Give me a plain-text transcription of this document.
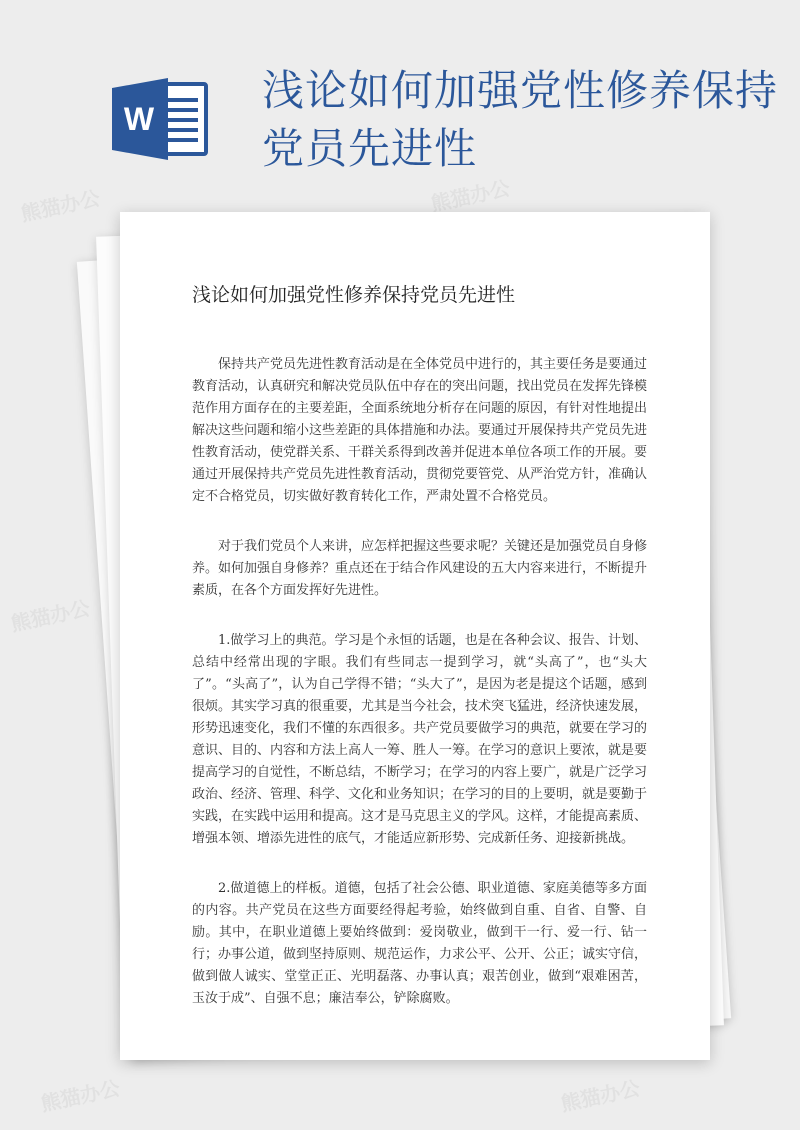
W
浅论如何加强党性修养保持党员先进性
熊猫办公	熊猫办公
熊猫办公
熊猫办公	熊猫办公
浅论如何加强党性修养保持党员先进性

保持共产党员先进性教育活动是在全体党员中进行的，其主要任务是要通过教育活动，认真研究和解决党员队伍中存在的突出问题，找出党员在发挥先锋模范作用方面存在的主要差距，全面系统地分析存在问题的原因，有针对性地提出解决这些问题和缩小这些差距的具体措施和办法。要通过开展保持共产党员先进性教育活动，使党群关系、干群关系得到改善并促进本单位各项工作的开展。要通过开展保持共产党员先进性教育活动，贯彻党要管党、从严治党方针，准确认定不合格党员，切实做好教育转化工作，严肃处置不合格党员。

对于我们党员个人来讲，应怎样把握这些要求呢？关键还是加强党员自身修养。如何加强自身修养？重点还在于结合作风建设的五大内容来进行，不断提升素质，在各个方面发挥好先进性。

1.做学习上的典范。学习是个永恒的话题，也是在各种会议、报告、计划、总结中经常出现的字眼。我们有些同志一提到学习，就“头高了”，也“头大了”。“头高了”，认为自己学得不错；“头大了”，是因为老是提这个话题，感到很烦。其实学习真的很重要，尤其是当今社会，技术突飞猛进，经济快速发展，形势迅速变化，我们不懂的东西很多。共产党员要做学习的典范，就要在学习的意识、目的、内容和方法上高人一筹、胜人一筹。在学习的意识上要浓，就是要提高学习的自觉性，不断总结，不断学习；在学习的内容上要广，就是广泛学习政治、经济、管理、科学、文化和业务知识；在学习的目的上要明，就是要勤于实践，在实践中运用和提高。这才是马克思主义的学风。这样，才能提高素质、增强本领、增添先进性的底气，才能适应新形势、完成新任务、迎接新挑战。

2.做道德上的样板。道德，包括了社会公德、职业道德、家庭美德等多方面的内容。共产党员在这些方面要经得起考验，始终做到自重、自省、自警、自励。其中，在职业道德上要始终做到：爱岗敬业，做到干一行、爱一行、钻一行；办事公道，做到坚持原则、规范运作，力求公平、公开、公正；诚实守信，做到做人诚实、堂堂正正、光明磊落、办事认真；艰苦创业，做到“艰难困苦，玉汝于成”、自强不息；廉洁奉公，铲除腐败。
